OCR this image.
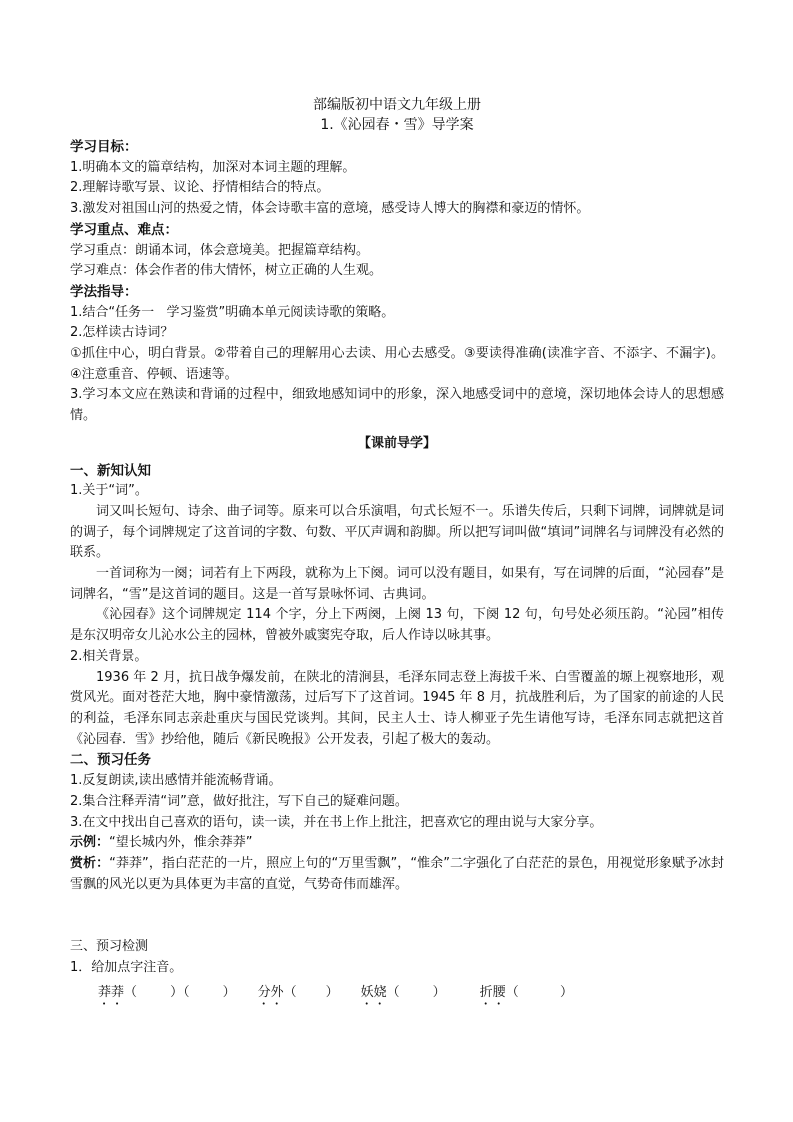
部编版初中语文九年级上册
1.《沁园春・雪》导学案
学习目标：
1.明确本文的篇章结构，加深对本词主题的理解。
2.理解诗歌写景、议论、抒情相结合的特点。
3.激发对祖国山河的热爱之情，体会诗歌丰富的意境，感受诗人博大的胸襟和豪迈的情怀。
学习重点、难点：
学习重点：朗诵本词，体会意境美。把握篇章结构。
学习难点：体会作者的伟大情怀，树立正确的人生观。
学法指导：
1.结合“任务一   学习鉴赏”明确本单元阅读诗歌的策略。
2.怎样读古诗词？
①抓住中心，明白背景。②带着自己的理解用心去读、用心去感受。③要读得准确(读准字音、不添字、不漏字)。④注意重音、停顿、语速等。
3.学习本文应在熟读和背诵的过程中，细致地感知词中的形象，深入地感受词中的意境，深切地体会诗人的思想感情。
【课前导学】
一、新知认知
1.关于“词”。
词又叫长短句、诗余、曲子词等。原来可以合乐演唱，句式长短不一。乐谱失传后，只剩下词牌，词牌就是词的调子，每个词牌规定了这首词的字数、句数、平仄声调和韵脚。所以把写词叫做“填词”词牌名与词牌没有必然的联系。
一首词称为一阕；词若有上下两段，就称为上下阕。词可以没有题目，如果有，写在词牌的后面，“沁园春”是词牌名，“雪”是这首词的题目。这是一首写景咏怀词、古典词。
《沁园春》这个词牌规定 114 个字，分上下两阕，上阕 13 句，下阕 12 句，句号处必须压韵。“沁园”相传是东汉明帝女儿沁水公主的园林，曾被外戚窦宪夺取，后人作诗以咏其事。
2.相关背景。
1936 年 2 月，抗日战争爆发前，在陕北的清涧县，毛泽东同志登上海拔千米、白雪覆盖的塬上视察地形，观赏风光。面对苍茫大地，胸中豪情激荡，过后写下了这首词。1945 年 8 月，抗战胜利后，为了国家的前途的人民的利益，毛泽东同志亲赴重庆与国民党谈判。其间，民主人士、诗人柳亚子先生请他写诗，毛泽东同志就把这首《沁园春．雪》抄给他，随后《新民晚报》公开发表，引起了极大的轰动。
二、预习任务
1.反复朗读,读出感情并能流畅背诵。
2.集合注释弄清“词”意，做好批注，写下自己的疑难问题。
3.在文中找出自己喜欢的语句，读一读，并在书上作上批注，把喜欢它的理由说与大家分享。
示例：“望长城内外，惟余莽莽”
赏析：“莽莽”，指白茫茫的一片，照应上句的“万里雪飘”，“惟余”二字强化了白茫茫的景色，用视觉形象赋予冰封雪飘的风光以更为具体更为丰富的直觉，气势奇伟而雄浑。
三、预习检测
1．给加点字注音。
莽莽 （        ）（        ） 分外 （       ） 妖娆 （        ）	折腰 （          ）
